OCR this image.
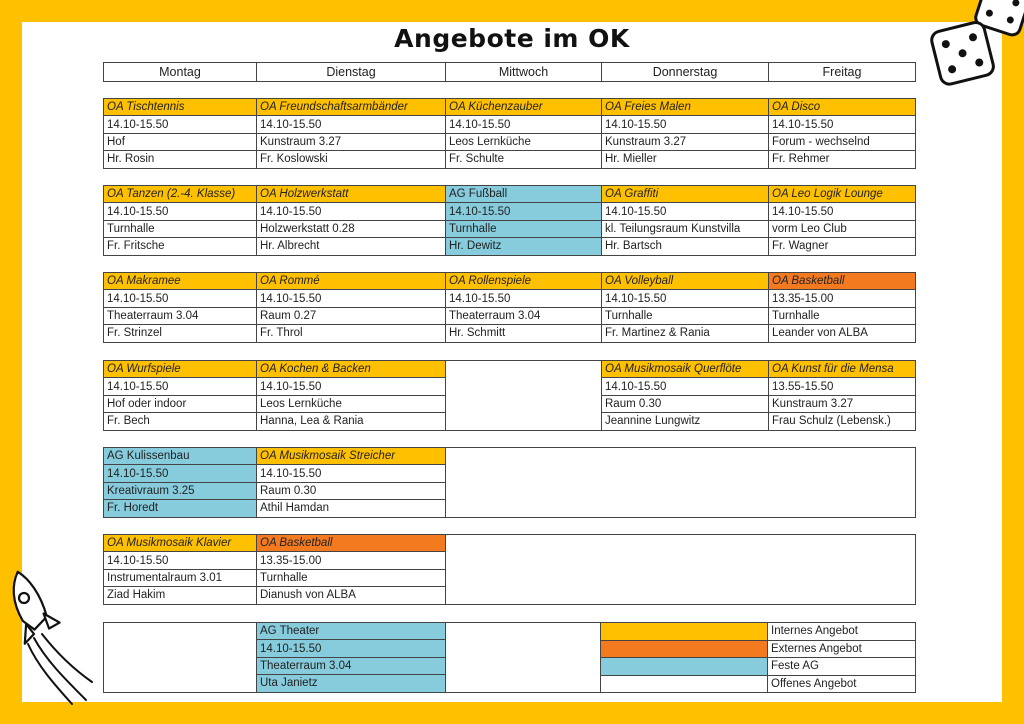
Angebote im OK
Montag	Dienstag	Mittwoch	Donnerstag	Freitag
OA Tischtennis	OA Freundschaftsarmbänder	OA Küchenzauber	OA Freies Malen	OA Disco
14.10-15.50	14.10-15.50	14.10-15.50	14.10-15.50	14.10-15.50
Hof	Kunstraum 3.27	Leos Lernküche	Kunstraum 3.27	Forum - wechselnd
Hr. Rosin	Fr. Koslowski	Fr. Schulte	Hr. Mieller	Fr. Rehmer
OA Tanzen (2.-4. Klasse)	OA Holzwerkstatt	AG Fußball	OA Graffiti	OA Leo Logik Lounge
14.10-15.50	14.10-15.50	14.10-15.50	14.10-15.50	14.10-15.50
Turnhalle	Holzwerkstatt 0.28	Turnhalle	kl. Teilungsraum Kunstvilla	vorm Leo Club
Fr. Fritsche	Hr. Albrecht	Hr. Dewitz	Hr. Bartsch	Fr. Wagner
OA Makramee	OA Rommé	OA Rollenspiele	OA Volleyball	OA Basketball
14.10-15.50	14.10-15.50	14.10-15.50	14.10-15.50	13.35-15.00
Theaterraum 3.04	Raum 0.27	Theaterraum 3.04	Turnhalle	Turnhalle
Fr. Strinzel	Fr. Throl	Hr. Schmitt	Fr. Martinez & Rania	Leander von ALBA
OA Wurfspiele	OA Kochen & Backen		OA Musikmosaik Querflöte	OA Kunst für die Mensa
14.10-15.50	14.10-15.50		14.10-15.50	13.55-15.50
Hof oder indoor	Leos Lernküche		Raum 0.30	Kunstraum 3.27
Fr. Bech	Hanna, Lea & Rania		Jeannine Lungwitz	Frau Schulz (Lebensk.)
AG Kulissenbau	OA Musikmosaik Streicher	
14.10-15.50	14.10-15.50	
Kreativraum 3.25	Raum 0.30	
Fr. Horedt	Athil Hamdan	
OA Musikmosaik Klavier	OA Basketball	
14.10-15.50	13.35-15.00	
Instrumentalraum 3.01	Turnhalle	
Ziad Hakim	Dianush von ALBA	
	AG Theater	
14.10-15.50
Theaterraum 3.04
Uta Janietz
	Internes Angebot
	Externes Angebot
	Feste AG
	Offenes Angebot
